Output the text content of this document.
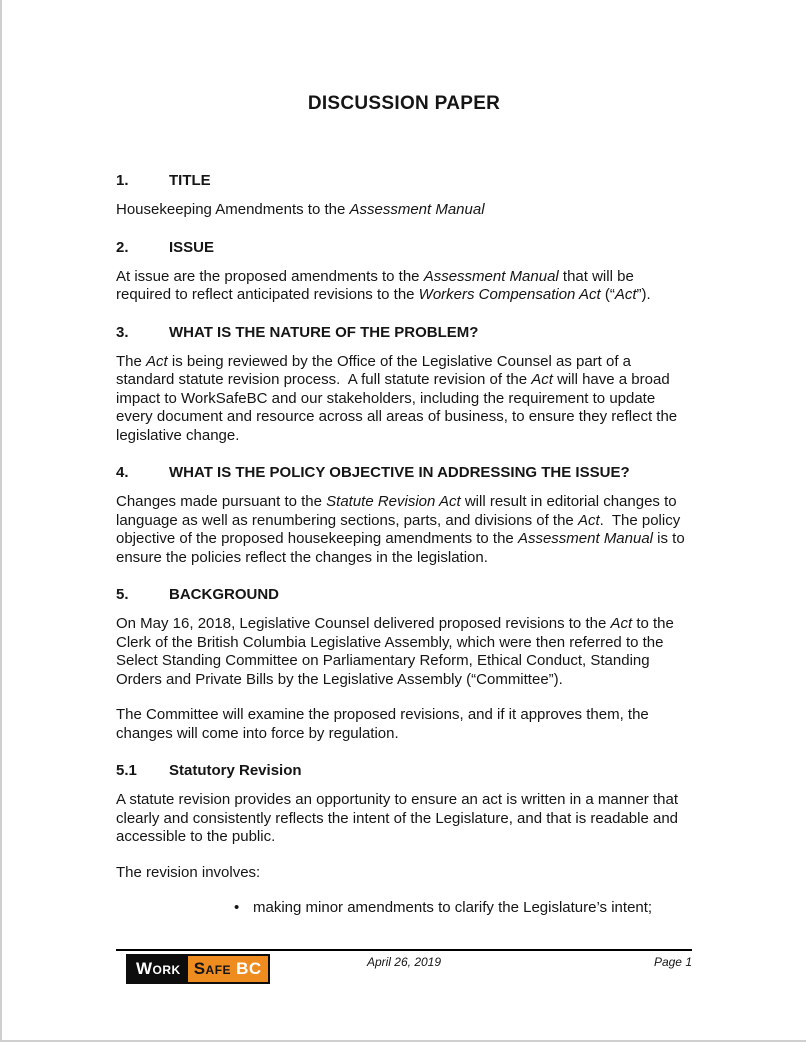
DISCUSSION PAPER
1.	TITLE

Housekeeping Amendments to the Assessment Manual

2.	ISSUE

At issue are the proposed amendments to the Assessment Manual that will be required to reflect anticipated revisions to the Workers Compensation Act (“Act”).

3.	WHAT IS THE NATURE OF THE PROBLEM?

The Act is being reviewed by the Office of the Legislative Counsel as part of a standard statute revision process.  A full statute revision of the Act will have a broad impact to WorkSafeBC and our stakeholders, including the requirement to update every document and resource across all areas of business, to ensure they reflect the legislative change.

4.	WHAT IS THE POLICY OBJECTIVE IN ADDRESSING THE ISSUE?

Changes made pursuant to the Statute Revision Act will result in editorial changes to language as well as renumbering sections, parts, and divisions of the Act.  The policy objective of the proposed housekeeping amendments to the Assessment Manual is to ensure the policies reflect the changes in the legislation.

5.	BACKGROUND

On May 16, 2018, Legislative Counsel delivered proposed revisions to the Act to the Clerk of the British Columbia Legislative Assembly, which were then referred to the Select Standing Committee on Parliamentary Reform, Ethical Conduct, Standing Orders and Private Bills by the Legislative Assembly (“Committee”).

The Committee will examine the proposed revisions, and if it approves them, the changes will come into force by regulation.

5.1	Statutory Revision

A statute revision provides an opportunity to ensure an act is written in a manner that clearly and consistently reflects the intent of the Legislature, and that is readable and accessible to the public.

The revision involves:

• making minor amendments to clarify the Legislature’s intent;
Work Safe BC	April 26, 2019	Page 1
